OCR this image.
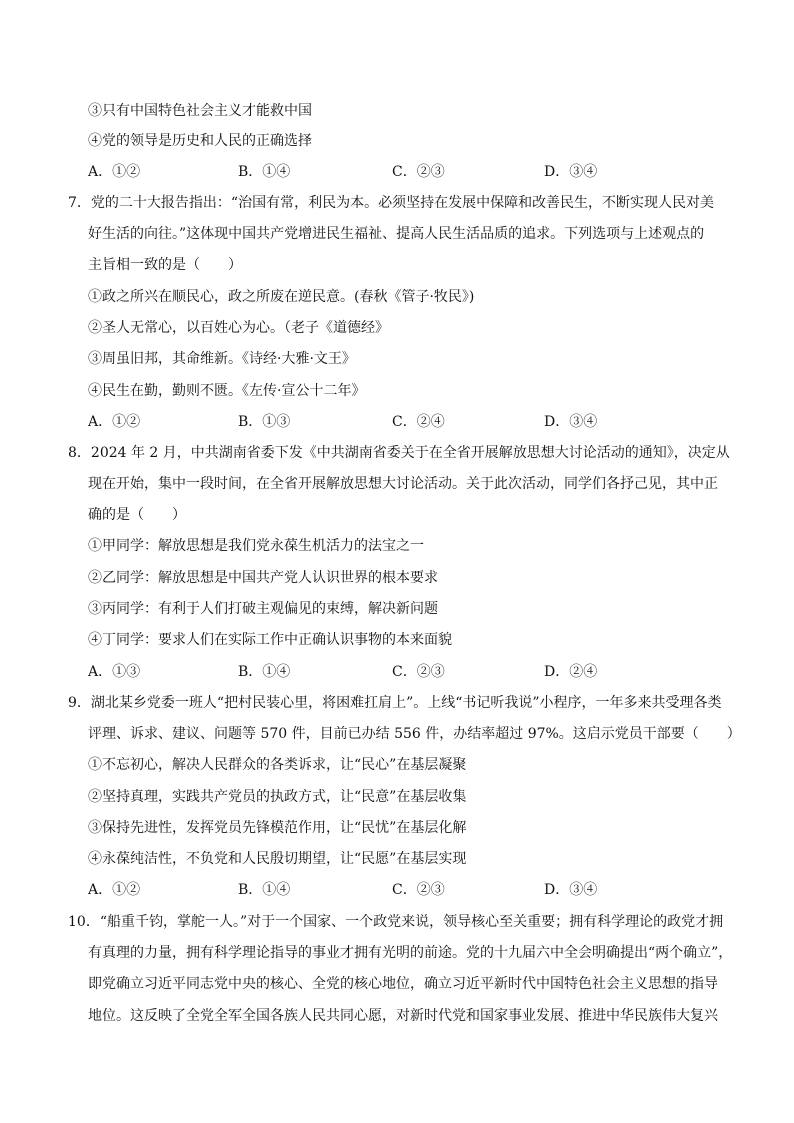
③只有中国特色社会主义才能救中国
④党的领导是历史和人民的正确选择
A．①②	B．①④	C．②③	D．③④
7．党的二十大报告指出：“治国有常，利民为本。必须坚持在发展中保障和改善民生，不断实现人民对美
好生活的向往。”这体现中国共产党增进民生福祉、提高人民生活品质的追求。下列选项与上述观点的
主旨相一致的是（　　）
①政之所兴在顺民心，政之所废在逆民意。(春秋《管子·牧民》)
②圣人无常心，以百姓心为心。（老子《道德经》
③周虽旧邦，其命维新。《诗经·大雅·文王》
④民生在勤，勤则不匮。《左传·宣公十二年》
A．①②	B．①③	C．②④	D．③④
8．2024 年 2 月，中共湖南省委下发《中共湖南省委关于在全省开展解放思想大讨论活动的通知》，决定从
现在开始，集中一段时间，在全省开展解放思想大讨论活动。关于此次活动，同学们各抒己见，其中正
确的是（　　）
①甲同学：解放思想是我们党永葆生机活力的法宝之一
②乙同学：解放思想是中国共产党人认识世界的根本要求
③丙同学：有利于人们打破主观偏见的束缚，解决新问题
④丁同学：要求人们在实际工作中正确认识事物的本来面貌
A．①③	B．①④	C．②③	D．②④
9．湖北某乡党委一班人“把村民装心里，将困难扛肩上”。上线“书记听我说”小程序，一年多来共受理各类
评理、诉求、建议、问题等 570 件，目前已办结 556 件，办结率超过 97%。这启示党员干部要（　　）
①不忘初心，解决人民群众的各类诉求，让“民心”在基层凝聚
②坚持真理，实践共产党员的执政方式，让“民意”在基层收集
③保持先进性，发挥党员先锋模范作用，让“民忧”在基层化解
④永葆纯洁性，不负党和人民殷切期望，让“民愿”在基层实现
A．①②	B．①④	C．②③	D．③④
10．“船重千钧，掌舵一人。”对于一个国家、一个政党来说，领导核心至关重要；拥有科学理论的政党才拥
有真理的力量，拥有科学理论指导的事业才拥有光明的前途。党的十九届六中全会明确提出“两个确立”，
即党确立习近平同志党中央的核心、全党的核心地位，确立习近平新时代中国特色社会主义思想的指导
地位。这反映了全党全军全国各族人民共同心愿，对新时代党和国家事业发展、推进中华民族伟大复兴
